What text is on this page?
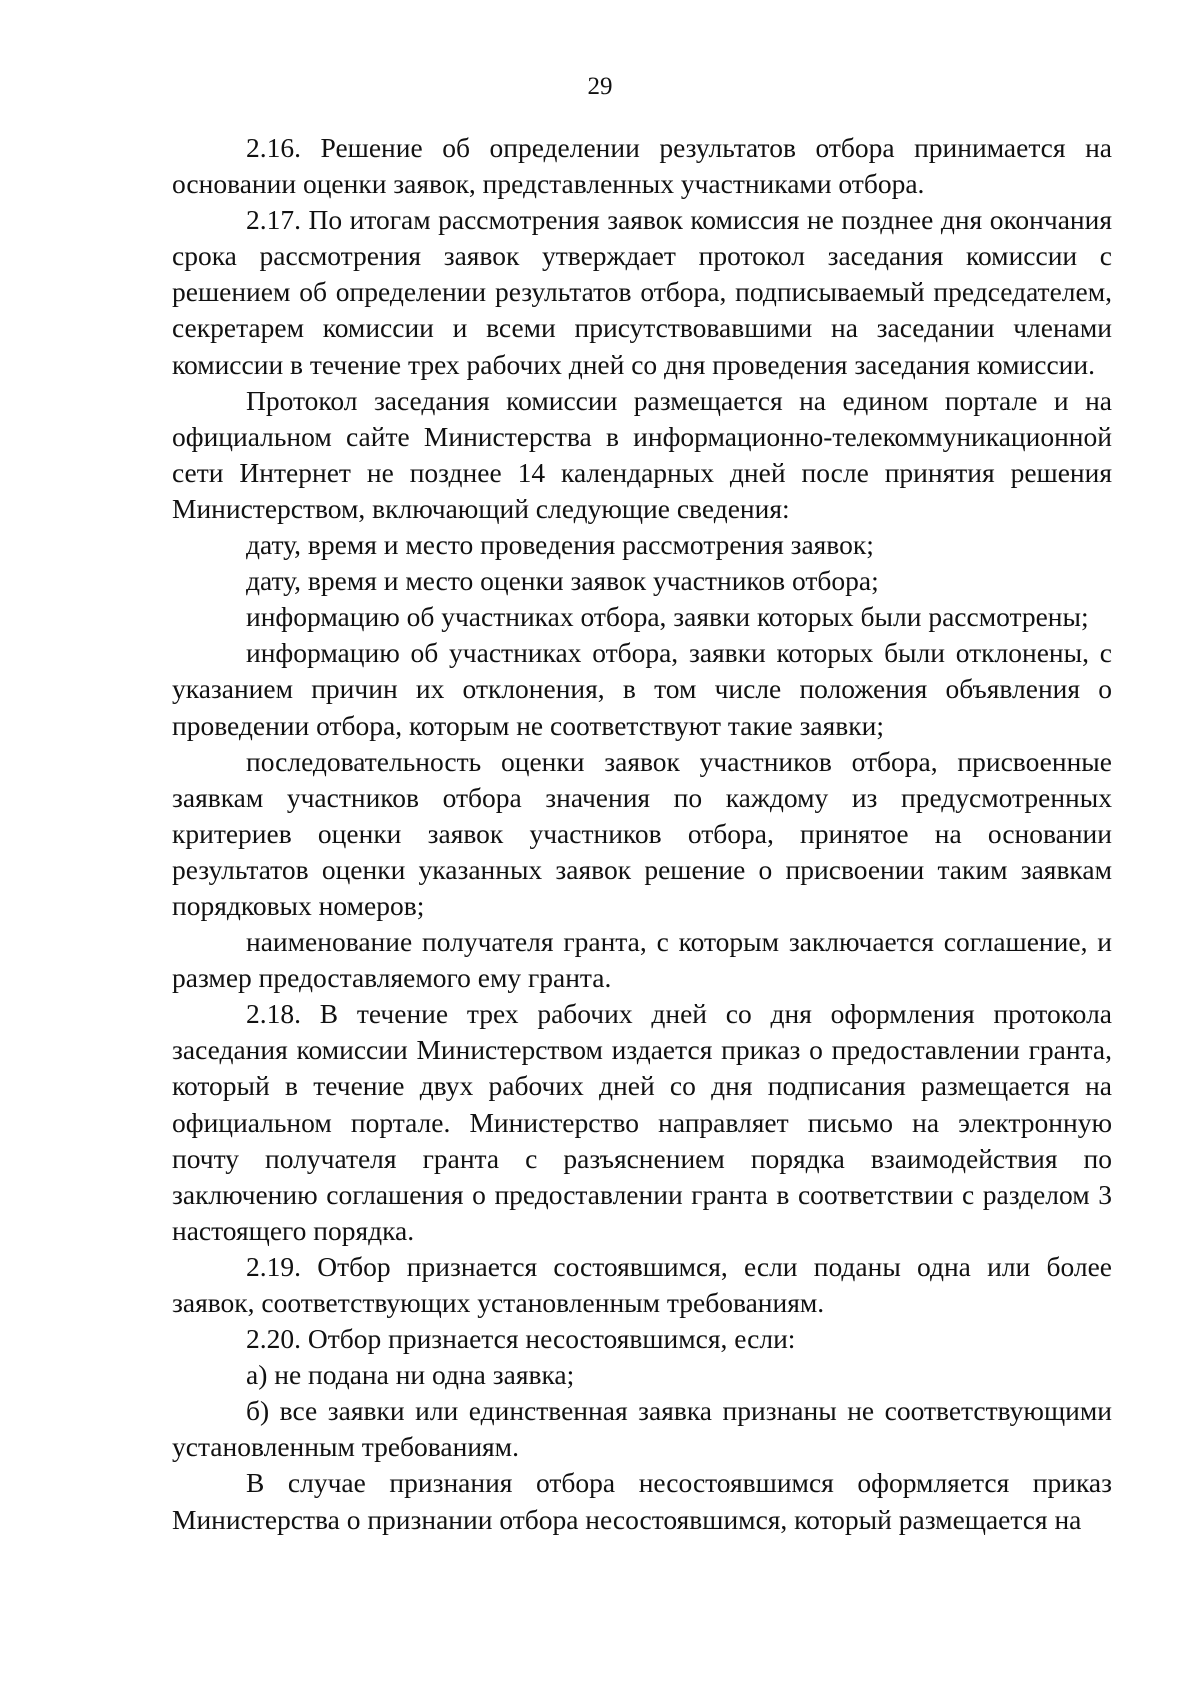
29

2.16. Решение об определении результатов отбора принимается на основании оценки заявок, представленных участниками отбора.

2.17. По итогам рассмотрения заявок комиссия не позднее дня окончания срока рассмотрения заявок утверждает протокол заседания комиссии с решением об определении результатов отбора, подписываемый председателем, секретарем комиссии и всеми присутствовавшими на заседании членами комиссии в течение трех рабочих дней со дня проведения заседания комиссии.

Протокол заседания комиссии размещается на едином портале и на официальном сайте Министерства в информационно-телекоммуникационной сети Интернет не позднее 14 календарных дней после принятия решения Министерством, включающий следующие сведения:

дату, время и место проведения рассмотрения заявок;

дату, время и место оценки заявок участников отбора;

информацию об участниках отбора, заявки которых были рассмотрены;

информацию об участниках отбора, заявки которых были отклонены, с указанием причин их отклонения, в том числе положения объявления о проведении отбора, которым не соответствуют такие заявки;

последовательность оценки заявок участников отбора, присвоенные заявкам участников отбора значения по каждому из предусмотренных критериев оценки заявок участников отбора, принятое на основании результатов оценки указанных заявок решение о присвоении таким заявкам порядковых номеров;

наименование получателя гранта, с которым заключается соглашение, и размер предоставляемого ему гранта.

2.18. В течение трех рабочих дней со дня оформления протокола заседания комиссии Министерством издается приказ о предоставлении гранта, который в течение двух рабочих дней со дня подписания размещается на официальном портале. Министерство направляет письмо на электронную почту получателя гранта с разъяснением порядка взаимодействия по заключению соглашения о предоставлении гранта в соответствии с разделом 3 настоящего порядка.

2.19. Отбор признается состоявшимся, если поданы одна или более заявок, соответствующих установленным требованиям.

2.20. Отбор признается несостоявшимся, если:

а) не подана ни одна заявка;

б) все заявки или единственная заявка признаны не соответствующими установленным требованиям.

В случае признания отбора несостоявшимся оформляется приказ Министерства о признании отбора несостоявшимся, который размещается на
